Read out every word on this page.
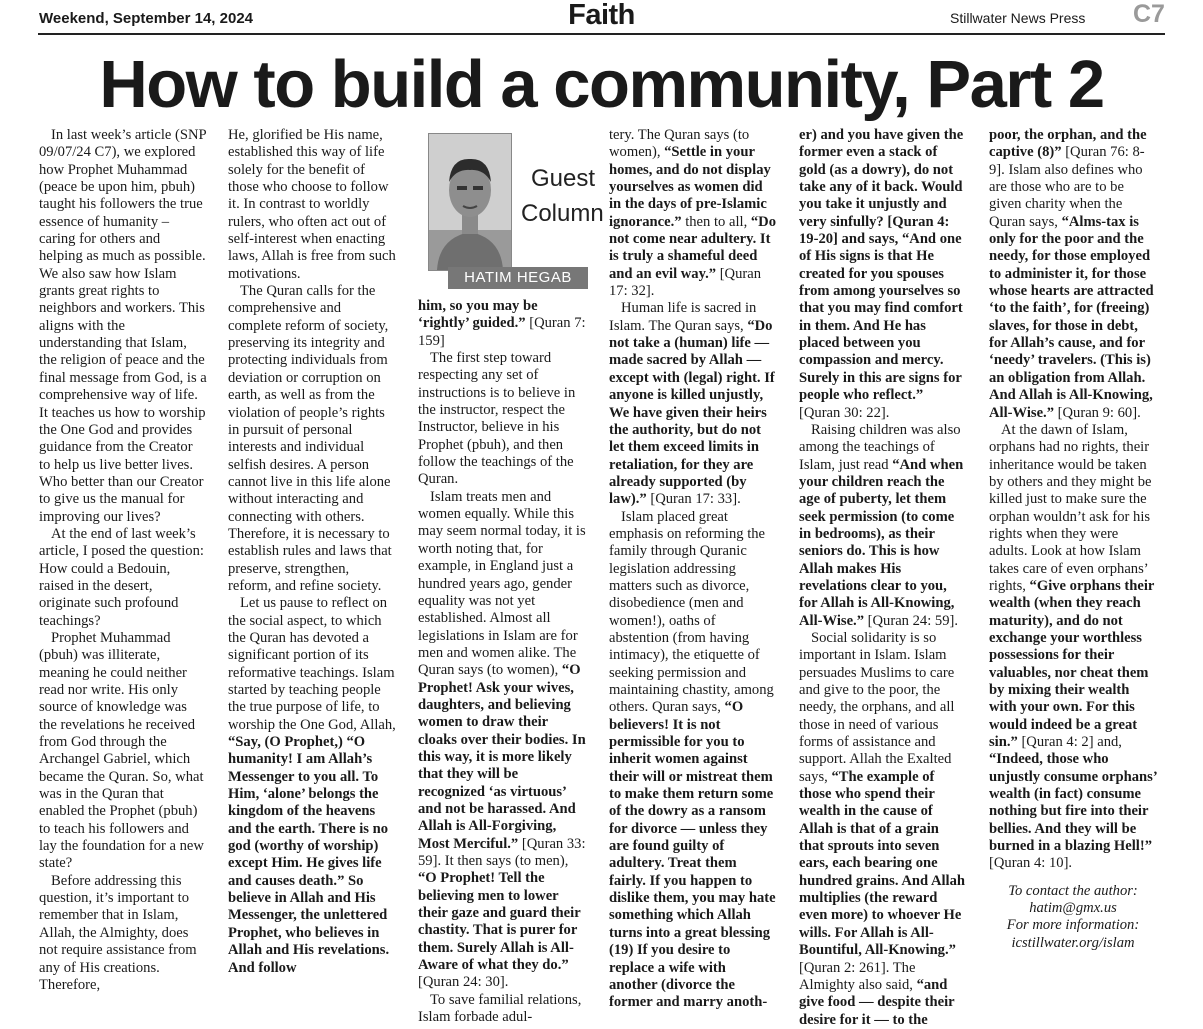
Weekend, September 14, 2024	Faith	Stillwater News Press C7
How to build a community, Part 2

In last week’s article (SNP 09/07/24 C7), we explored how Prophet Muhammad (peace be upon him, pbuh) taught his followers the true essence of humanity – caring for others and helping as much as possible. We also saw how Islam grants great rights to neighbors and workers. This aligns with the understanding that Islam, the religion of peace and the final message from God, is a comprehensive way of life. It teaches us how to worship the One God and provides guidance from the Creator to help us live better lives. Who better than our Creator to give us the manual for improving our lives?

At the end of last week’s article, I posed the question: How could a Bedouin, raised in the desert, originate such profound teachings?

Prophet Muhammad (pbuh) was illiterate, meaning he could neither read nor write. His only source of knowledge was the revelations he received from God through the Archangel Gabriel, which became the Quran. So, what was in the Quran that enabled the Prophet (pbuh) to teach his followers and lay the foundation for a new state?

Before addressing this question, it’s important to remember that in Islam, Allah, the Almighty, does not require assistance from any of His creations. Therefore,

He, glorified be His name, established this way of life solely for the benefit of those who choose to follow it. In contrast to worldly rulers, who often act out of self-interest when enacting laws, Allah is free from such motivations.

The Quran calls for the comprehensive and complete reform of society, preserving its integrity and protecting individuals from deviation or corruption on earth, as well as from the violation of people’s rights in pursuit of personal interests and individual selfish desires. A person cannot live in this life alone without interacting and connecting with others. Therefore, it is necessary to establish rules and laws that preserve, strengthen, reform, and refine society.

Let us pause to reflect on the social aspect, to which the Quran has devoted a significant portion of its reformative teachings. Islam started by teaching people the true purpose of life, to worship the One God, Allah, “Say, (O Prophet,) “O humanity! I am Allah’s Messenger to you all. To Him, ‘alone’ belongs the kingdom of the heavens and the earth. There is no god (worthy of worship) except Him. He gives life and causes death.” So believe in Allah and His Messenger, the unlettered Prophet, who believes in Allah and His revelations. And follow

Guest
Column
HATIM HEGAB

him, so you may be ‘rightly’ guided.” [Quran 7: 159]

The first step toward respecting any set of instructions is to believe in the instructor, respect the Instructor, believe in his Prophet (pbuh), and then follow the teachings of the Quran.

Islam treats men and women equally. While this may seem normal today, it is worth noting that, for example, in England just a hundred years ago, gender equality was not yet established. Almost all legislations in Islam are for men and women alike. The Quran says (to women), “O Prophet! Ask your wives, daughters, and believing women to draw their cloaks over their bodies. In this way, it is more likely that they will be recognized ‘as virtuous’ and not be harassed. And Allah is All-Forgiving, Most Merciful.” [Quran 33: 59]. It then says (to men), “O Prophet! Tell the believing men to lower their gaze and guard their chastity. That is purer for them. Surely Allah is All-Aware of what they do.” [Quran 24: 30].

To save familial relations, Islam forbade adul-

tery. The Quran says (to women), “Settle in your homes, and do not display yourselves as women did in the days of pre-Islamic ignorance.” then to all, “Do not come near adultery. It is truly a shameful deed and an evil way.” [Quran 17: 32].

Human life is sacred in Islam. The Quran says, “Do not take a (human) life —made sacred by Allah — except with (legal) right. If anyone is killed unjustly, We have given their heirs the authority, but do not let them exceed limits in retaliation, for they are already supported (by law).” [Quran 17: 33].

Islam placed great emphasis on reforming the family through Quranic legislation addressing matters such as divorce, disobedience (men and women!), oaths of abstention (from having intimacy), the etiquette of seeking permission and maintaining chastity, among others. Quran says, “O believers! It is not permissible for you to inherit women against their will or mistreat them to make them return some of the dowry as a ransom for divorce — unless they are found guilty of adultery. Treat them fairly. If you happen to dislike them, you may hate something which Allah turns into a great blessing (19) If you desire to replace a wife with another (divorce the former and marry anoth-

er) and you have given the former even a stack of gold (as a dowry), do not take any of it back. Would you take it unjustly and very sinfully? [Quran 4: 19-20] and says, “And one of His signs is that He created for you spouses from among yourselves so that you may find comfort in them. And He has placed between you compassion and mercy. Surely in this are signs for people who reflect.” [Quran 30: 22].

Raising children was also among the teachings of Islam, just read “And when your children reach the age of puberty, let them seek permission (to come in bedrooms), as their seniors do. This is how Allah makes His revelations clear to you, for Allah is All-Knowing, All-Wise.” [Quran 24: 59].

Social solidarity is so important in Islam. Islam persuades Muslims to care and give to the poor, the needy, the orphans, and all those in need of various forms of assistance and support. Allah the Exalted says, “The example of those who spend their wealth in the cause of Allah is that of a grain that sprouts into seven ears, each bearing one hundred grains. And Allah multiplies (the reward even more) to whoever He wills. For Allah is All-Bountiful, All-Knowing.” [Quran 2: 261]. The Almighty also said, “and give food — despite their desire for it — to the

poor, the orphan, and the captive (8)” [Quran 76: 8-9]. Islam also defines who are those who are to be given charity when the Quran says, “Alms-tax is only for the poor and the needy, for those employed to administer it, for those whose hearts are attracted ‘to the faith’, for (freeing) slaves, for those in debt, for Allah’s cause, and for ‘needy’ travelers. (This is) an obligation from Allah. And Allah is All-Knowing, All-Wise.” [Quran 9: 60].

At the dawn of Islam, orphans had no rights, their inheritance would be taken by others and they might be killed just to make sure the orphan wouldn’t ask for his rights when they were adults. Look at how Islam takes care of even orphans’ rights, “Give orphans their wealth (when they reach maturity), and do not exchange your worthless possessions for their valuables, nor cheat them by mixing their wealth with your own. For this would indeed be a great sin.” [Quran 4: 2] and, “Indeed, those who unjustly consume orphans’ wealth (in fact) consume nothing but fire into their bellies. And they will be burned in a blazing Hell!” [Quran 4: 10].

To contact the author:

hatim@gmx.us

For more information:

icstillwater.org/islam
